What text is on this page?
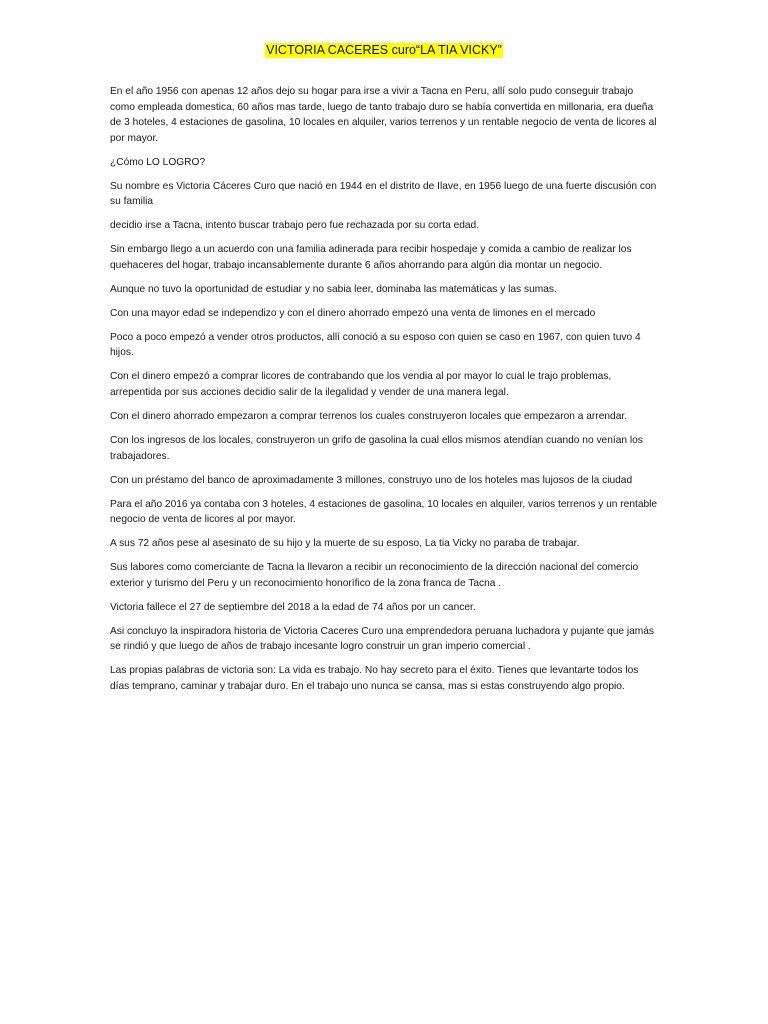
VICTORIA CACERES curo“LA TIA VICKY”

En el año 1956 con apenas 12 años dejo su hogar para irse a vivir a Tacna en Peru, allí solo pudo conseguir trabajo como empleada domestica, 60 años mas tarde, luego de tanto trabajo duro se había convertida en millonaria, era dueña de 3 hoteles, 4 estaciones de gasolina, 10 locales en alquiler, varios terrenos y un rentable negocio de venta de licores al por mayor.

¿Cómo LO LOGRO?

Su nombre es Victoria Cáceres Curo que nació en 1944 en el distrito de Ilave, en 1956 luego de una fuerte discusión con su familia

decidio irse a Tacna, intento buscar trabajo pero fue rechazada por su corta edad.

Sin embargo llego a un acuerdo con una familia adinerada para recibir hospedaje y comida a cambio de realizar los quehaceres del hogar, trabajo incansablemente durante 6 años ahorrando para algún dia montar un negocio.

Aunque no tuvo la oportunidad de estudiar y no sabia leer, dominaba las matemáticas y las sumas.

Con una mayor edad se independizo y con el dinero ahorrado empezó una venta de limones en el mercado

Poco a poco empezó a vender otros productos, allí conoció a su esposo con quien se caso en 1967, con quien tuvo 4 hijos.

Con el dinero empezó a comprar licores de contrabando que los vendia al por mayor lo cual le trajo problemas, arrepentida por sus acciones decidio salir de la ilegalidad y vender de una manera legal.

Con el dinero ahorrado empezaron a comprar terrenos los cuales construyeron locales que empezaron a arrendar.

Con los ingresos de los locales, construyeron un grifo de gasolina la cual ellos mismos atendían cuando no venían los trabajadores.

Con un préstamo del banco de aproximadamente 3 millones, construyo uno de los hoteles mas lujosos de la ciudad

Para el año 2016 ya contaba con 3 hoteles, 4 estaciones de gasolina, 10 locales en alquiler, varios terrenos y un rentable negocio de venta de licores al por mayor.

A sus 72 años pese al asesinato de su hijo y la muerte de su esposo, La tia Vicky no paraba de trabajar.

Sus labores como comerciante de Tacna la llevaron a recibir un reconocimiento de la dirección nacional del comercio exterior y turismo del Peru y un reconocimiento honorífico de la zona franca de Tacna .

Victoria fallece el 27 de septiembre del 2018 a la edad de 74 años por un cancer.

Asi concluyo la inspiradora historia de Victoria Caceres Curo una emprendedora peruana luchadora y pujante que jamás se rindió y que luego de años de trabajo incesante logro construir un gran imperio comercial .

Las propias palabras de victoria son: La vida es trabajo. No hay secreto para el éxito. Tienes que levantarte todos los días temprano, caminar y trabajar duro. En el trabajo uno nunca se cansa, mas si estas construyendo algo propio.
